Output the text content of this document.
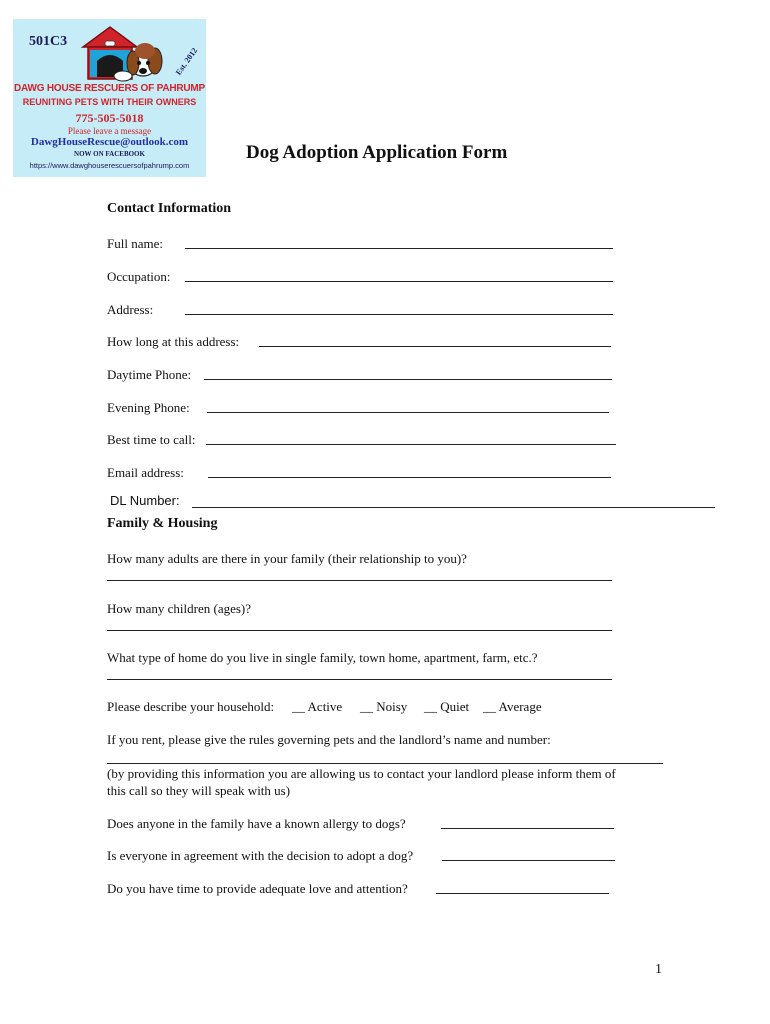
501C3
Est. 2012
DAWG HOUSE RESCUERS OF PAHRUMP
REUNITING PETS WITH THEIR OWNERS
775-505-5018
Please leave a message
DawgHouseRescue@outlook.com
NOW ON FACEBOOK
https://www.dawghouserescuersofpahrump.com
Dog Adoption Application Form
Contact Information
Full name:
Occupation:
Address:
How long at this address:
Daytime Phone:
Evening Phone:
Best time to call:
Email address:
DL Number:
Family & Housing
How many adults are there in your family (their relationship to you)?
How many children (ages)?
What type of home do you live in single family, town home, apartment, farm, etc.?
Please describe your household: __ Active __ Noisy __ Quiet __ Average
If you rent, please give the rules governing pets and the landlord’s name and number:
(by providing this information you are allowing us to contact your landlord please inform them of
this call so they will speak with us)
Does anyone in the family have a known allergy to dogs?
Is everyone in agreement with the decision to adopt a dog?
Do you have time to provide adequate love and attention?
1
